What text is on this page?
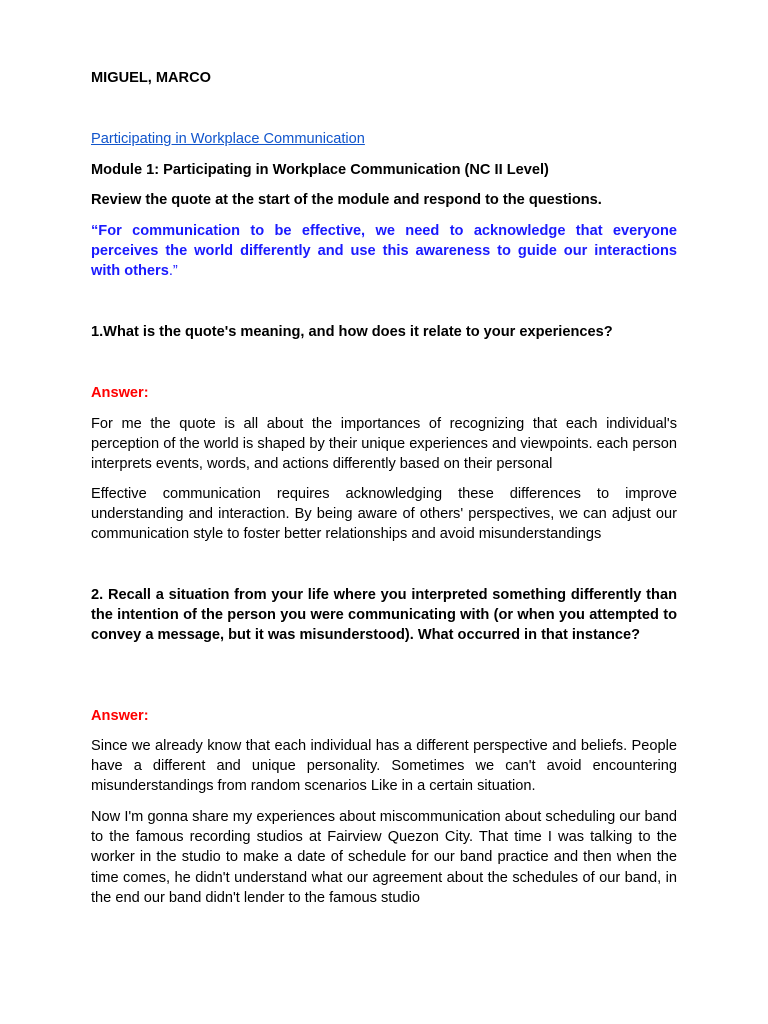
MIGUEL, MARCO
Participating in Workplace Communication
Module 1: Participating in Workplace Communication (NC II Level)
Review the quote at the start of the module and respond to the questions.
“For communication to be effective, we need to acknowledge that everyone perceives the world differently and use this awareness to guide our interactions with others.”
1.What is the quote's meaning, and how does it relate to your experiences?
Answer:
For me the quote is all about the importances of recognizing that each individual's perception of the world is shaped by their unique experiences and viewpoints. each person interprets events, words, and actions differently based on their personal
Effective communication requires acknowledging these differences to improve understanding and interaction. By being aware of others' perspectives, we can adjust our communication style to foster better relationships and avoid misunderstandings
2. Recall a situation from your life where you interpreted something differently than the intention of the person you were communicating with (or when you attempted to convey a message, but it was misunderstood). What occurred in that instance?
Answer:
Since we already know that each individual has a different perspective and beliefs. People have a different and unique personality. Sometimes we can't avoid encountering misunderstandings from random scenarios Like in a certain situation.
Now I'm gonna share my experiences about miscommunication about scheduling our band to the famous recording studios at Fairview Quezon City. That time I was talking to the worker in the studio to make a date of schedule for our band practice and then when the time comes, he didn't understand what our agreement about the schedules of our band, in the end our band didn't lender to the famous studio
